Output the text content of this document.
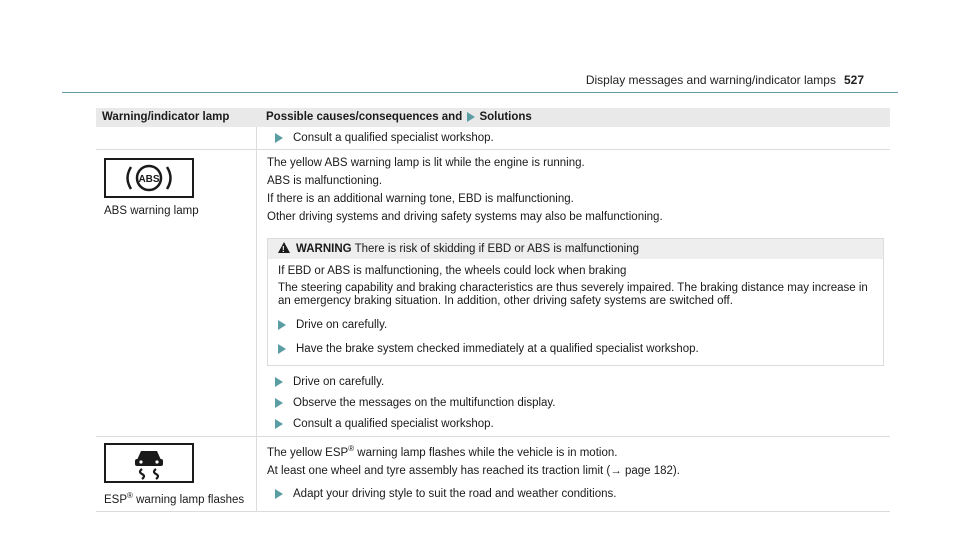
Display messages and warning/indicator lamps 527
Warning/indicator lamp	Possible causes/consequences and Solutions
Consult a qualified specialist workshop.
ABS
ABS warning lamp
The yellow ABS warning lamp is lit while the engine is running.
ABS is malfunctioning.
If there is an additional warning tone, EBD is malfunctioning.
Other driving systems and driving safety systems may also be malfunctioning.
!WARNING There is risk of skidding if EBD or ABS is malfunctioning
If EBD or ABS is malfunctioning, the wheels could lock when braking
The steering capability and braking characteristics are thus severely impaired. The braking distance may increase in an emergency braking situation. In addition, other driving safety systems are switched off.
Drive on carefully.
Have the brake system checked immediately at a qualified specialist workshop.
Drive on carefully.
Observe the messages on the multifunction display.
Consult a qualified specialist workshop.
ESP® warning lamp flashes
The yellow ESP® warning lamp flashes while the vehicle is in motion.
At least one wheel and tyre assembly has reached its traction limit (→ page 182).
Adapt your driving style to suit the road and weather conditions.
